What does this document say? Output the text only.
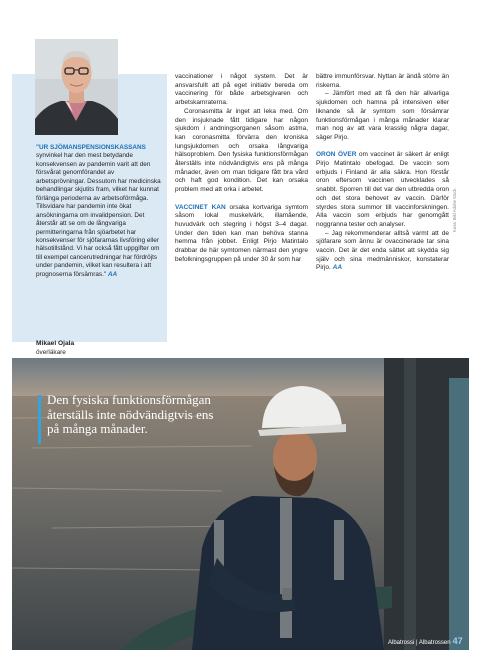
"UR SJÖMANSPENSIONSKASSANS synvinkel har den mest betydande konsekvensen av pandemin varit att den försvårat genomförandet av arbetsprövningar. Dessutom har medicinska behandlingar skjutits fram, vilket har kunnat förlänga perioderna av arbetsoförmåga. Tillsvidare har pandemin inte ökat ansökningarna om invalidpension. Det återstår att se om de långvariga permitteringarna från sjöarbetet har konsekvenser för sjöfararnas livsföring eller hälsotillstånd. Vi har också fått uppgifter om till exempel cancerutredningar har fördröjts under pandemin, vilket kan resultera i att prognoserna försämras." AA
Mikael Ojala
överläkare

vaccinationer i något system. Det är ansvarsfullt att på eget initiativ bereda om vaccinering för både arbetsgivaren och arbetskamraterna.

Coronasmitta är inget att leka med. Om den insjuknade fått tidigare har någon sjukdom i andningsorganen såsom astma, kan coronasmitta förvärra den kroniska lungsjukdomen och orsaka långvariga hälsoproblem. Den fysiska funktionsförmågan återställs inte nödvändigtvis ens på många månader, även om man tidigare fått bra vård och haft god kondition. Det kan orsaka problem med att orka i arbetet.

VACCINET KAN orsaka kortvariga symtom såsom lokal muskelvärk, illamående, huvudvärk och stegring i högst 3–4 dagar. Under den tiden kan man behöva stanna hemma från jobbet. Enligt Pirjo Matintalo drabbar de här symtomen närmast den yngre befolkningsgruppen på under 30 år som har

bättre immunförsvar. Nyttan är ändå större än riskerna.

– Jämfört med att få den här allvarliga sjukdomen och hamna på intensiven eller liknande så är symtom som försämrar funktionsförmågan i många månader klarar man nog av att vara krasslig några dagar, säger Pirjo.

ORON ÖVER om vaccinet är säkert är enligt Pirjo Matintalo obefogad. De vaccin som erbjuds i Finland är alla säkra. Hon förstår oron eftersom vaccinen utvecklades så snabbt. Sporren till det var den utbredda oron och det stora behovet av vaccin. Därför styrdes stora summor till vaccinforskningen. Alla vaccin som erbjuds har genomgått noggranna tester och analyser.

– Jag rekommenderar alltså varmt att de sjöfarare som ännu är ovaccinerade tar sina vaccin. Det är det enda sättet att skydda sig själv och sina medmänniskor, konstaterar Pirjo. AA

Kuva: Bild Adobe Stock
Den fysiska funktionsförmågan återställs inte nödvändigtvis ens på många månader.
Albatrossi | Albatrossen 47
